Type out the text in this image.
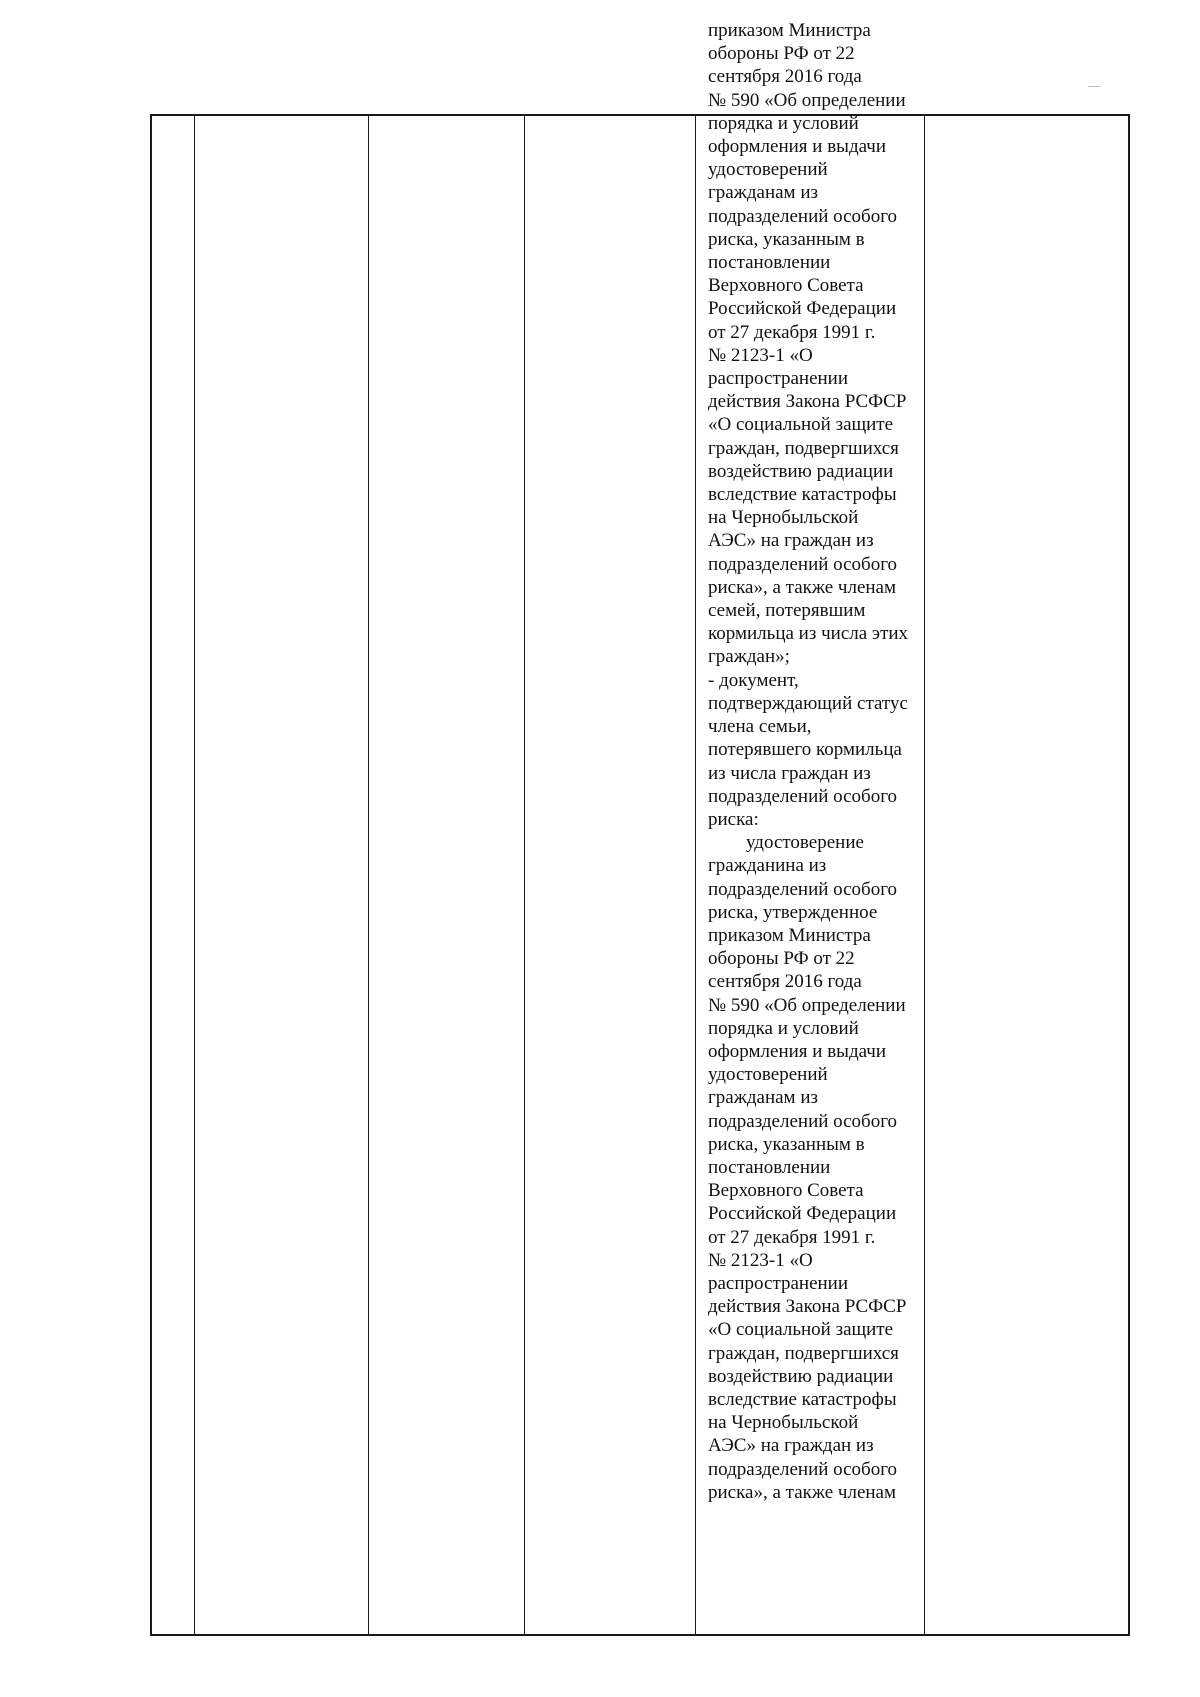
приказом Министра
обороны РФ от 22
сентября 2016 года
№ 590 «Об определении
порядка и условий
оформления и выдачи
удостоверений
гражданам из
подразделений особого
риска, указанным в
постановлении
Верховного Совета
Российской Федерации
от 27 декабря 1991 г.
№ 2123-1 «О
распространении
действия Закона РСФСР
«О социальной защите
граждан, подвергшихся
воздействию радиации
вследствие катастрофы
на Чернобыльской
АЭС» на граждан из
подразделений особого
риска», а также членам
семей, потерявшим
кормильца из числа этих
граждан»;
- документ,
подтверждающий статус
члена семьи,
потерявшего кормильца
из числа граждан из
подразделений особого
риска:
удостоверение
гражданина из
подразделений особого
риска, утвержденное
приказом Министра
обороны РФ от 22
сентября 2016 года
№ 590 «Об определении
порядка и условий
оформления и выдачи
удостоверений
гражданам из
подразделений особого
риска, указанным в
постановлении
Верховного Совета
Российской Федерации
от 27 декабря 1991 г.
№ 2123-1 «О
распространении
действия Закона РСФСР
«О социальной защите
граждан, подвергшихся
воздействию радиации
вследствие катастрофы
на Чернобыльской
АЭС» на граждан из
подразделений особого
риска», а также членам
